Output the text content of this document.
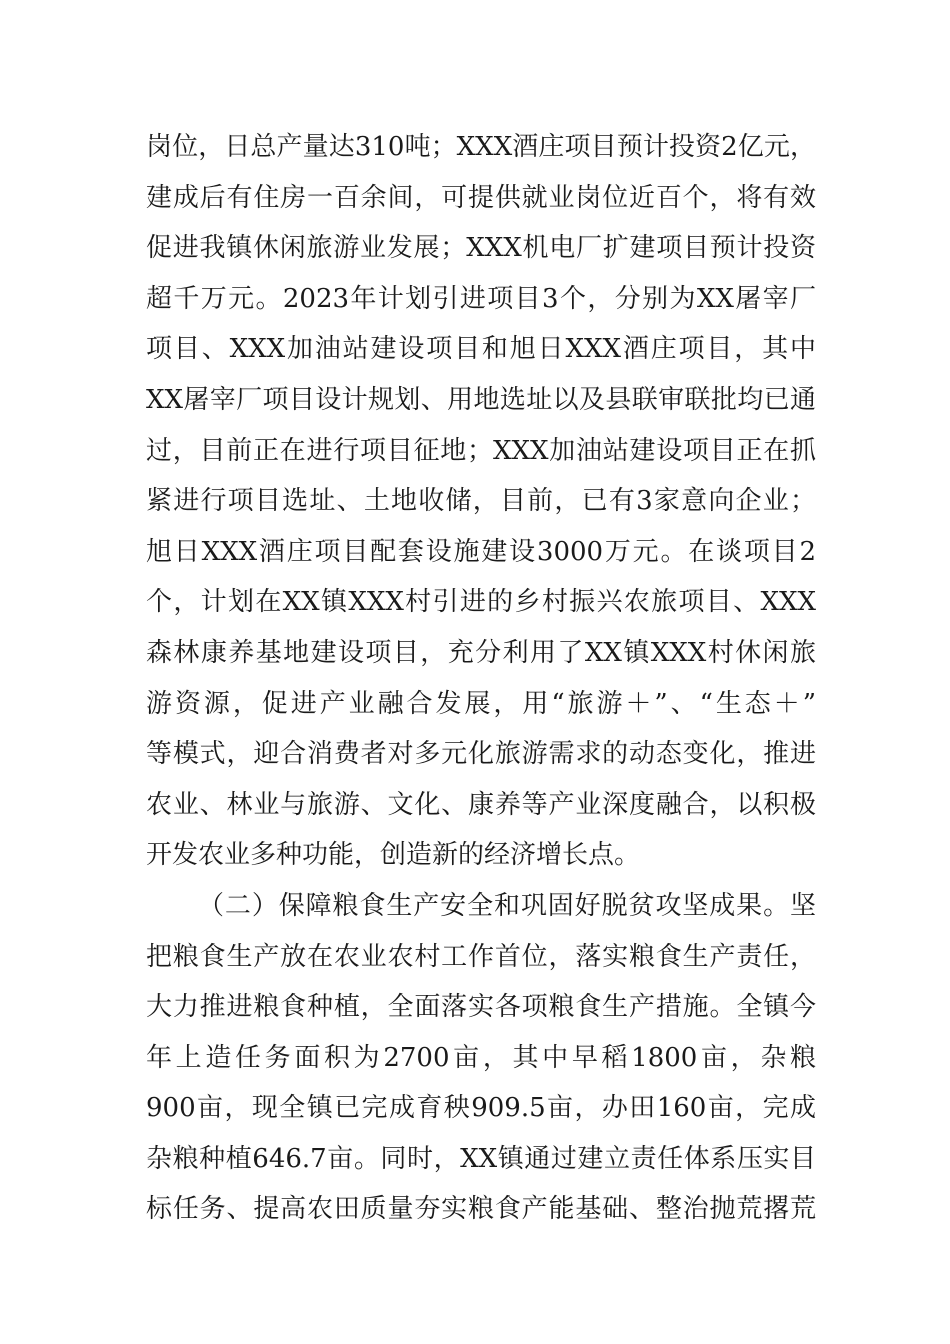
岗位，日总产量达310吨；XXX酒庄项目预计投资2亿元，
建成后有住房一百余间，可提供就业岗位近百个，将有效
促进我镇休闲旅游业发展；XXX机电厂扩建项目预计投资
超千万元。2023年计划引进项目3个，分别为XX屠宰厂
项目、XXX加油站建设项目和旭日XXX酒庄项目，其中
XX屠宰厂项目设计规划、用地选址以及县联审联批均已通
过，目前正在进行项目征地；XXX加油站建设项目正在抓
紧进行项目选址、土地收储，目前，已有3家意向企业；
旭日XXX酒庄项目配套设施建设3000万元。在谈项目2
个，计划在XX镇XXX村引进的乡村振兴农旅项目、XXX
森林康养基地建设项目，充分利用了XX镇XXX村休闲旅
游资源，促进产业融合发展，用“旅游＋”、“生态＋”
等模式，迎合消费者对多元化旅游需求的动态变化，推进
农业、林业与旅游、文化、康养等产业深度融合，以积极
开发农业多种功能，创造新的经济增长点。
（二）保障粮食生产安全和巩固好脱贫攻坚成果。坚
把粮食生产放在农业农村工作首位，落实粮食生产责任，
大力推进粮食种植，全面落实各项粮食生产措施。全镇今
年上造任务面积为2700亩，其中早稻1800亩，杂粮
900亩，现全镇已完成育秧909.5亩，办田160亩，完成
杂粮种植646.7亩。同时，XX镇通过建立责任体系压实目
标任务、提高农田质量夯实粮食产能基础、整治抛荒撂荒
